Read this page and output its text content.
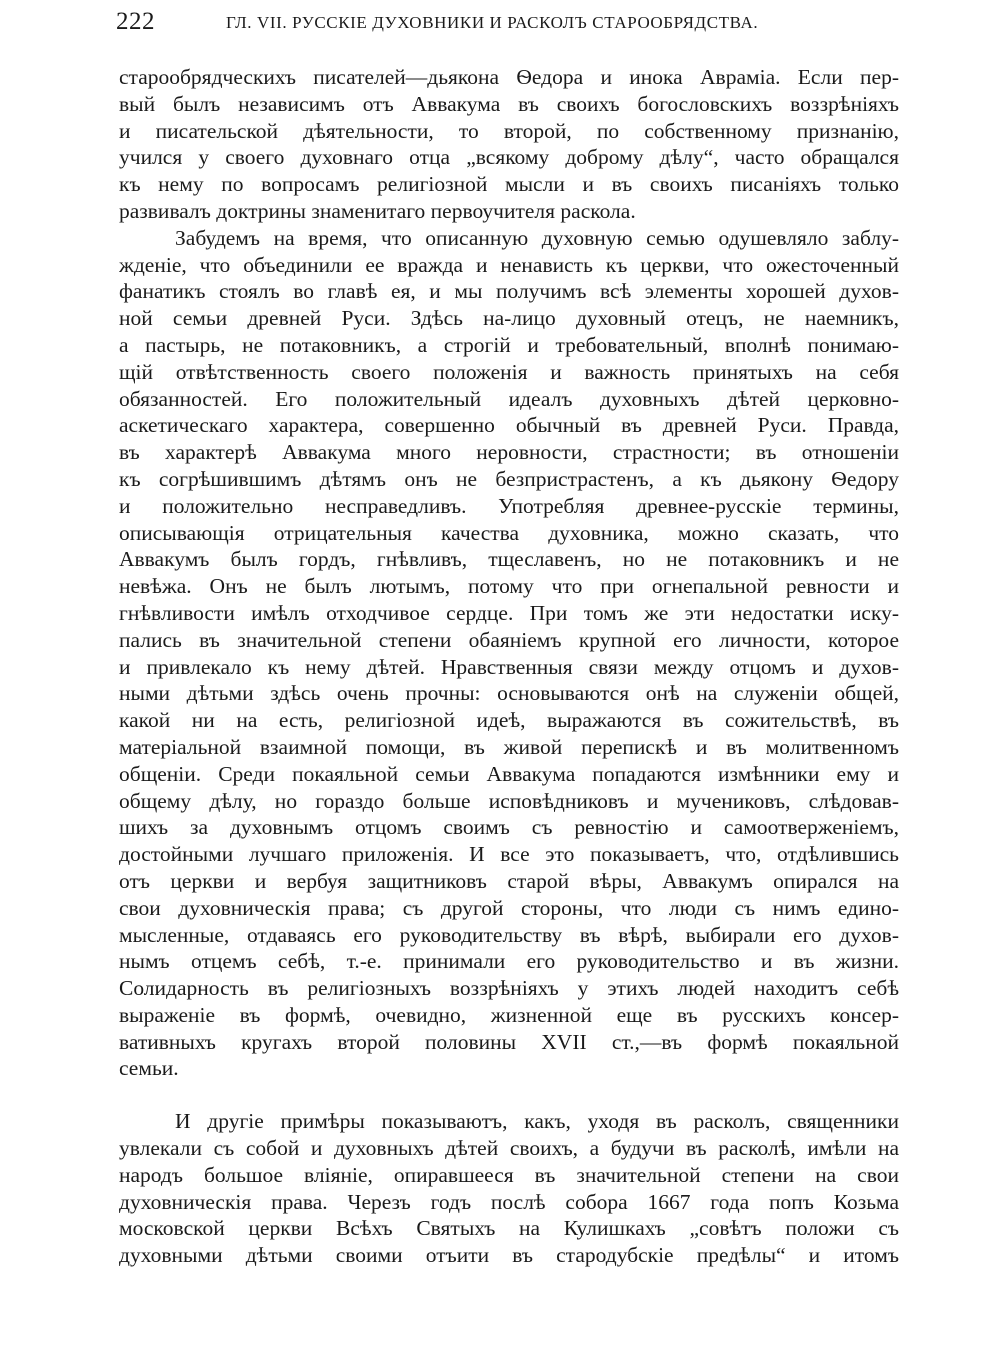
222	ГЛ. VII. РУССКІЕ ДУХОВНИКИ И РАСКОЛЪ СТАРООБРЯДСТВА.
старообрядческихъ писателей—дьякона Ѳедора и инока Авраміа. Если пер-
вый былъ независимъ отъ Аввакума въ своихъ богословскихъ воззрѣніяхъ
и писательской дѣятельности, то второй, по собственному признанію,
учился у своего духовнаго отца „всякому доброму дѣлу“, часто обращался
къ нему по вопросамъ религіозной мысли и въ своихъ писаніяхъ только
развивалъ доктрины знаменитаго первоучителя раскола.
Забудемъ на время, что описанную духовную семью одушевляло заблу-
жденіе, что объединили ее вражда и ненависть къ церкви, что ожесточенный
фанатикъ стоялъ во главѣ ея, и мы получимъ всѣ элементы хорошей духов-
ной семьи древней Руси. Здѣсь на-лицо духовный отецъ, не наемникъ,
а пастырь, не потаковникъ, а строгій и требовательный, вполнѣ понимаю-
щій отвѣтственность своего положенія и важность принятыхъ на себя
обязанностей. Его положительный идеалъ духовныхъ дѣтей церковно-
аскетическаго характера, совершенно обычный въ древней Руси. Правда,
въ характерѣ Аввакума много неровности, страстности; въ отношеніи
къ согрѣшившимъ дѣтямъ онъ не безпристрастенъ, а къ дьякону Ѳедору
и положительно несправедливъ. Употребляя древнее-русскіе термины,
описывающія отрицательныя качества духовника, можно сказать, что
Аввакумъ былъ гордъ, гнѣвливъ, тщеславенъ, но не потаковникъ и не
невѣжа. Онъ не былъ лютымъ, потому что при огнепальной ревности и
гнѣвливости имѣлъ отходчивое сердце. При томъ же эти недостатки иску-
пались въ значительной степени обаяніемъ крупной его личности, которое
и привлекало къ нему дѣтей. Нравственныя связи между отцомъ и духов-
ными дѣтьми здѣсь очень прочны: основываются онѣ на служеніи общей,
какой ни на есть, религіозной идеѣ, выражаются въ сожительствѣ, въ
матеріальной взаимной помощи, въ живой перепискѣ и въ молитвенномъ
общеніи. Среди покаяльной семьи Аввакума попадаются измѣнники ему и
общему дѣлу, но гораздо больше исповѣдниковъ и мучениковъ, слѣдовав-
шихъ за духовнымъ отцомъ своимъ съ ревностію и самоотверженіемъ,
достойными лучшаго приложенія. И все это показываетъ, что, отдѣлившись
отъ церкви и вербуя защитниковъ старой вѣры, Аввакумъ опирался на
свои духовническія права; съ другой стороны, что люди съ нимъ едино-
мысленные, отдаваясь его руководительству въ вѣрѣ, выбирали его духов-
нымъ отцемъ себѣ, т.-е. принимали его руководительство и въ жизни.
Солидарность въ религіозныхъ воззрѣніяхъ у этихъ людей находитъ себѣ
выраженіе въ формѣ, очевидно, жизненной еще въ русскихъ консер-
вативныхъ кругахъ второй половины XVII ст.,—въ формѣ покаяльной
семьи.
И другіе примѣры показываютъ, какъ, уходя въ расколъ, священники
увлекали съ собой и духовныхъ дѣтей своихъ, а будучи въ расколѣ, имѣли на
народъ большое вліяніе, опиравшееся въ значительной степени на свои
духовническія права. Черезъ годъ послѣ собора 1667 года попъ Козьма
московской церкви Всѣхъ Святыхъ на Кулишкахъ „совѣтъ положи съ
духовными дѣтьми своими отъити въ стародубскіе предѣлы“ и итомъ
